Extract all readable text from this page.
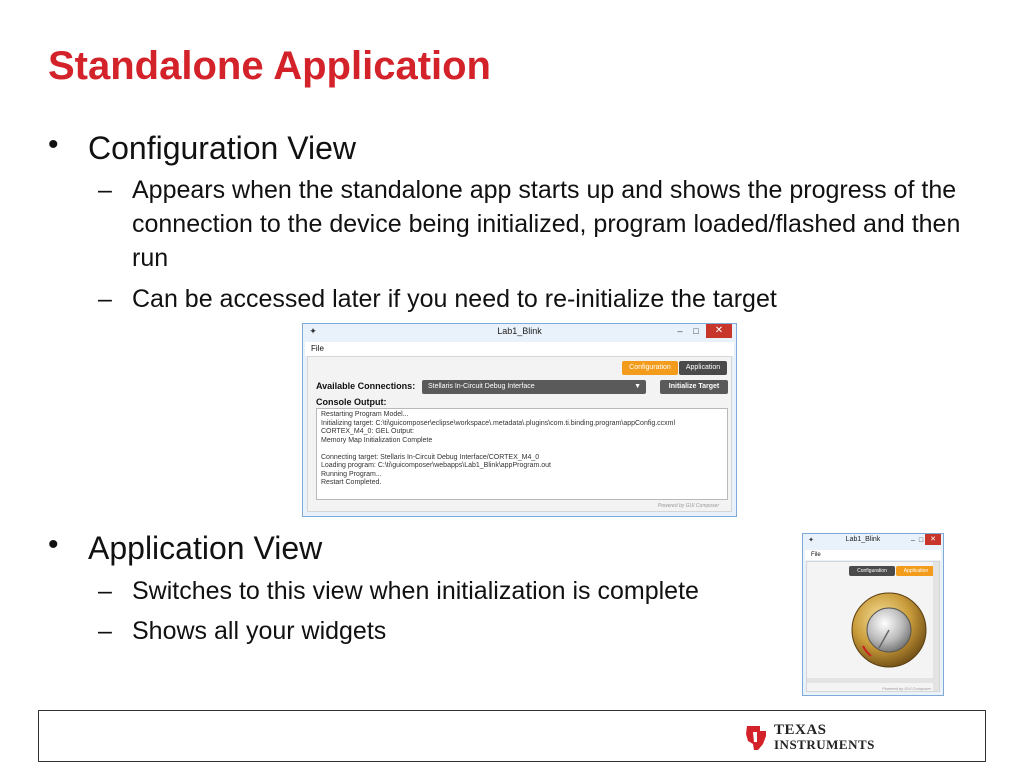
Standalone Application
• Configuration View
– Appears when the standalone app starts up and shows the progress of the connection to the device being initialized, program loaded/flashed and then run
– Can be accessed later if you need to re-initialize the target
✦	Lab1_Blink	–	□	✕
File
Configuration	Application
Available Connections:	Stellaris In-Circuit Debug Interface	▼	Initialize Target
Console Output:
Restarting Program Model...
Initializing target: C:\ti\guicomposer\eclipse\workspace\.metadata\.plugins\com.ti.binding.program\appConfig.ccxml
CORTEX_M4_0: GEL Output:
Memory Map Initialization Complete
Connecting target: Stellaris In-Circuit Debug Interface/CORTEX_M4_0
Loading program: C:\ti\guicomposer\webapps\Lab1_Blink\appProgram.out
Running Program...
Restart Completed.
Powered by GUI Composer
• Application View
– Switches to this view when initialization is complete
– Shows all your widgets
✦	Lab1_Blink	– □ ✕
File
Configuration	Application
Powered by GUI Composer
TEXAS
INSTRUMENTS
